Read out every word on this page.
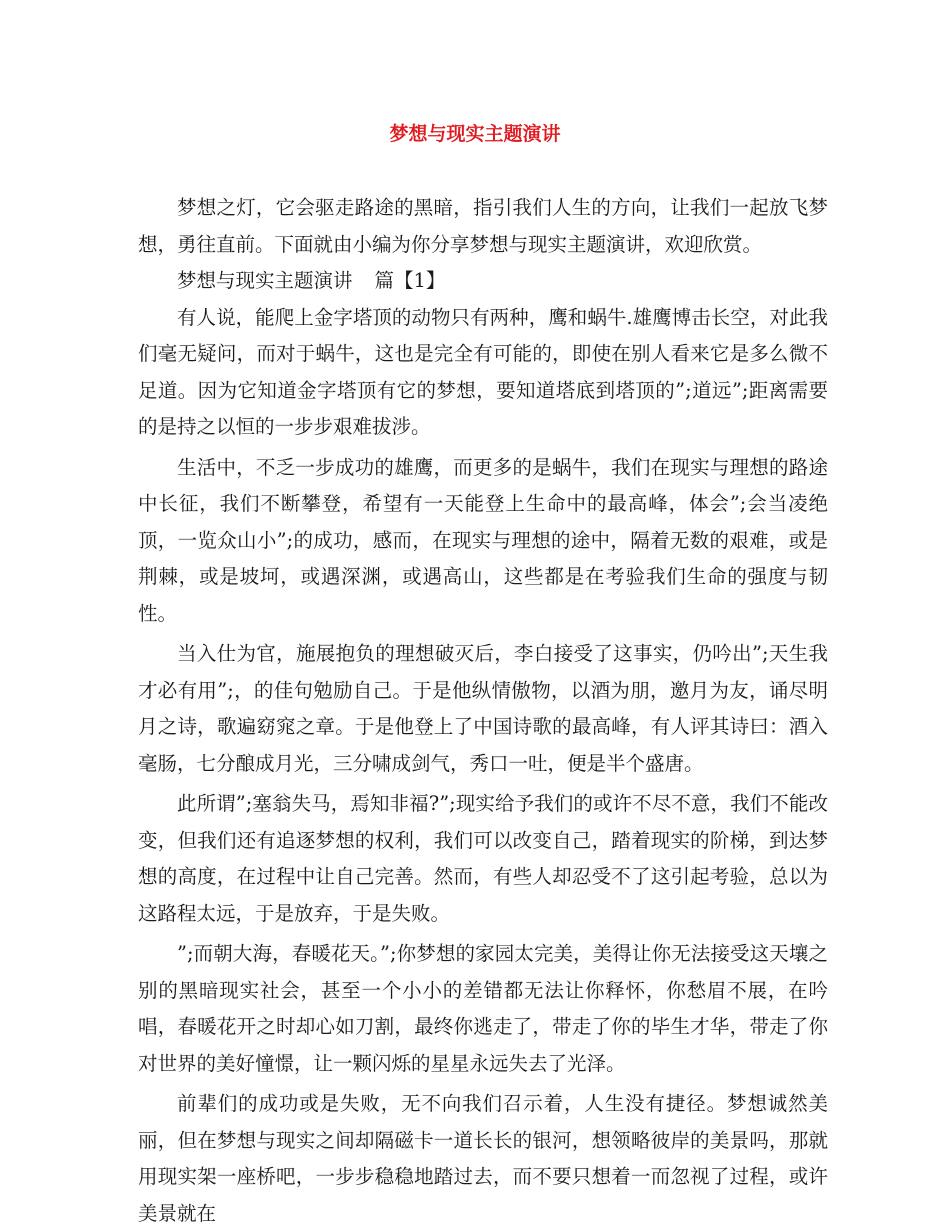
梦想与现实主题演讲

梦想之灯，它会驱走路途的黑暗，指引我们人生的方向，让我们一起放飞梦想，勇往直前。下面就由小编为你分享梦想与现实主题演讲，欢迎欣赏。

梦想与现实主题演讲 篇【1】

有人说，能爬上金字塔顶的动物只有两种，鹰和蜗牛.雄鹰博击长空，对此我们毫无疑问，而对于蜗牛，这也是完全有可能的，即使在别人看来它是多么微不足道。因为它知道金字塔顶有它的梦想，要知道塔底到塔顶的”;道远”;距离需要的是持之以恒的一步步艰难拔涉。

生活中，不乏一步成功的雄鹰，而更多的是蜗牛，我们在现实与理想的路途中长征，我们不断攀登，希望有一天能登上生命中的最高峰，体会”;会当凌绝顶，一览众山小”;的成功，感而，在现实与理想的途中，隔着无数的艰难，或是荆棘，或是坡坷，或遇深渊，或遇高山，这些都是在考验我们生命的强度与韧性。

当入仕为官，施展抱负的理想破灭后，李白接受了这事实，仍吟出”;天生我才必有用”;，的佳句勉励自己。于是他纵情傲物，以酒为朋，邀月为友，诵尽明月之诗，歌遍窈窕之章。于是他登上了中国诗歌的最高峰，有人评其诗曰：酒入毫肠，七分酿成月光，三分啸成剑气，秀口一吐，便是半个盛唐。

此所谓”;塞翁失马，焉知非福?”;现实给予我们的或许不尽不意，我们不能改变，但我们还有追逐梦想的权利，我们可以改变自己，踏着现实的阶梯，到达梦想的高度，在过程中让自己完善。然而，有些人却忍受不了这引起考验，总以为这路程太远，于是放弃，于是失败。

”;而朝大海，春暖花天。”;你梦想的家园太完美，美得让你无法接受这天壤之别的黑暗现实社会，甚至一个小小的差错都无法让你释怀，你愁眉不展，在吟唱，春暖花开之时却心如刀割，最终你逃走了，带走了你的毕生才华，带走了你对世界的美好憧憬，让一颗闪烁的星星永远失去了光泽。

前辈们的成功或是失败，无不向我们召示着，人生没有捷径。梦想诚然美丽，但在梦想与现实之间却隔磁卡一道长长的银河，想领略彼岸的美景吗，那就用现实架一座桥吧，一步步稳稳地踏过去，而不要只想着一而忽视了过程，或许美景就在
